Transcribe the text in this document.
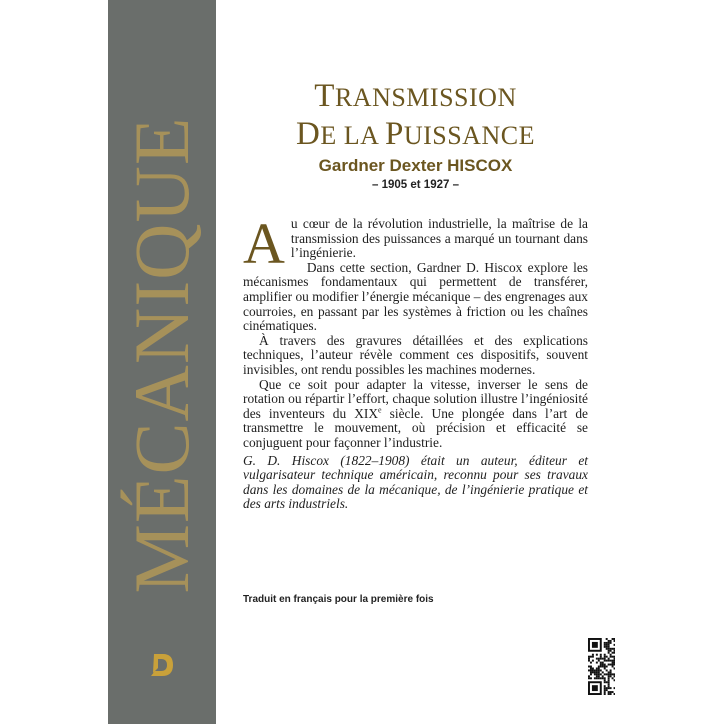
MÉCANIQUE
TRANSMISSION
DE LA PUISSANCE
Gardner Dexter HISCOX
– 1905 et 1927 –

Au cœur de la révolution industrielle, la maîtrise de la transmission des puissances a marqué un tournant dans l’ingénierie.

Dans cette section, Gardner D. Hiscox explore les mécanismes fondamentaux qui permettent de transférer, amplifier ou modifier l’énergie mécanique – des engrenages aux courroies, en passant par les systèmes à friction ou les chaînes cinématiques.

À travers des gravures détaillées et des explications techniques, l’auteur révèle comment ces dispositifs, souvent invisibles, ont rendu possibles les machines modernes.

Que ce soit pour adapter la vitesse, inverser le sens de rotation ou répartir l’effort, chaque solution illustre l’ingéniosité des inventeurs du XIXe siècle. Une plongée dans l’art de transmettre le mouvement, où précision et efficacité se conjuguent pour façonner l’industrie.

G. D. Hiscox (1822–1908) était un auteur, éditeur et vulgarisateur technique américain, reconnu pour ses travaux dans les domaines de la mécanique, de l’ingénierie pratique et des arts industriels.

Traduit en français pour la première fois
